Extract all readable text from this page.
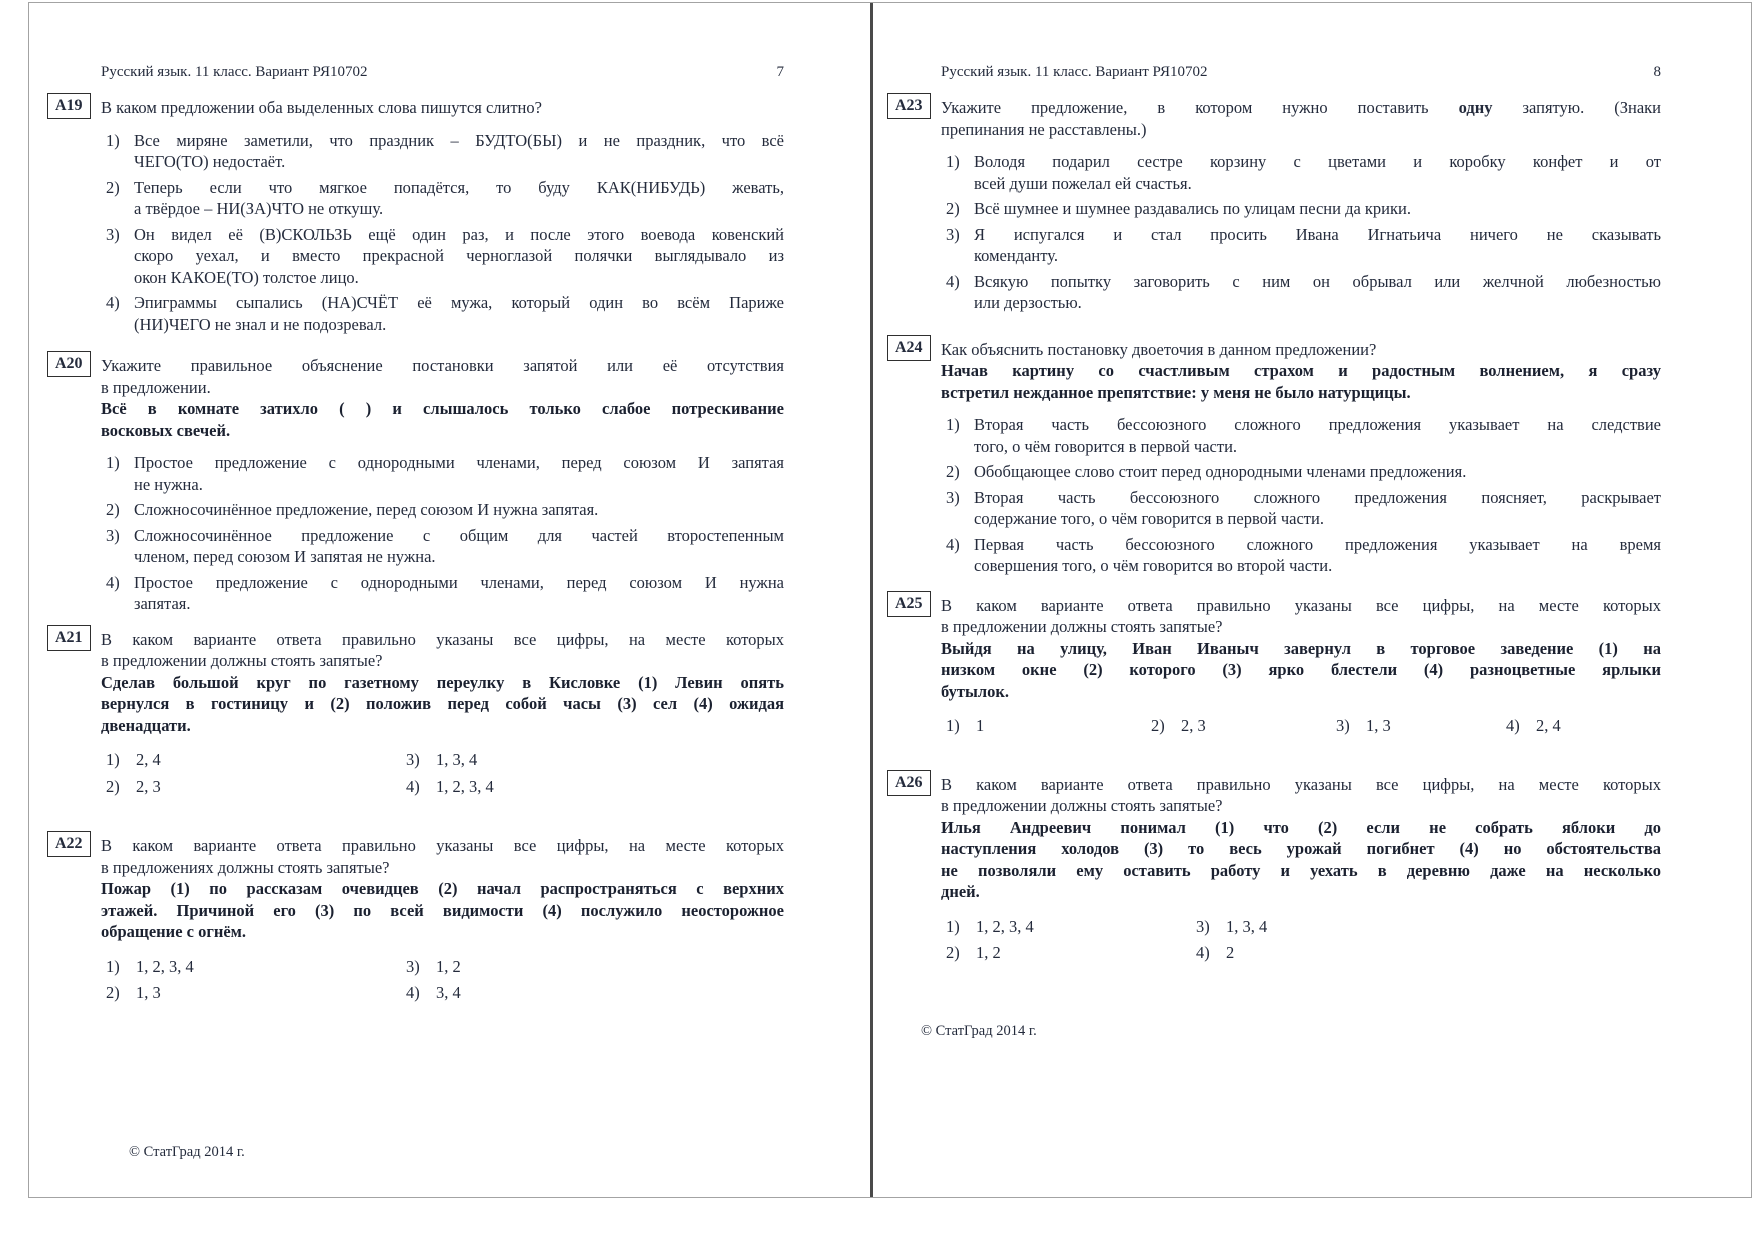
Русский язык. 11 класс. Вариант РЯ10702	7
А19	В каком предложении оба выделенных слова пишутся слитно?
1) Все миряне заметили, что праздник – БУДТО(БЫ) и не праздник, что всё
ЧЕГО(ТО) недостаёт.
2) Теперь если что мягкое попадётся, то буду КАК(НИБУДЬ) жевать,
а твёрдое – НИ(ЗА)ЧТО не откушу.
3) Он видел её (В)СКОЛЬЗЬ ещё один раз, и после этого воевода ковенский
скоро уехал, и вместо прекрасной черноглазой полячки выглядывало из
окон КАКОЕ(ТО) толстое лицо.
4) Эпиграммы сыпались (НА)СЧЁТ её мужа, который один во всём Париже
(НИ)ЧЕГО не знал и не подозревал.
А20	Укажите правильное объяснение постановки запятой или её отсутствия
в предложении.
Всё в комнате затихло ( ) и слышалось только слабое потрескивание
восковых свечей.
1) Простое предложение с однородными членами, перед союзом И запятая
не нужна.
2) Сложносочинённое предложение, перед союзом И нужна запятая.
3) Сложносочинённое предложение с общим для частей второстепенным
членом, перед союзом И запятая не нужна.
4) Простое предложение с однородными членами, перед союзом И нужна
запятая.
А21	В каком варианте ответа правильно указаны все цифры, на месте которых
в предложении должны стоять запятые?
Сделав большой круг по газетному переулку в Кисловке (1) Левин опять
вернулся в гостиницу и (2) положив перед собой часы (3) сел (4) ожидая
двенадцати.
1) 2, 4
2) 2, 3
3) 1, 3, 4
4) 1, 2, 3, 4
А22	В каком варианте ответа правильно указаны все цифры, на месте которых
в предложениях должны стоять запятые?
Пожар (1) по рассказам очевидцев (2) начал распространяться с верхних
этажей. Причиной его (3) по всей видимости (4) послужило неосторожное
обращение с огнём.
1) 1, 2, 3, 4
2) 1, 3
3) 1, 2
4) 3, 4
© СтатГрад 2014 г.
Русский язык. 11 класс. Вариант РЯ10702	8
А23	Укажите предложение, в котором нужно поставить одну запятую. (Знаки
препинания не расставлены.)
1) Володя подарил сестре корзину с цветами и коробку конфет и от
всей души пожелал ей счастья.
2) Всё шумнее и шумнее раздавались по улицам песни да крики.
3) Я испугался и стал просить Ивана Игнатьича ничего не сказывать
коменданту.
4) Всякую попытку заговорить с ним он обрывал или желчной любезностью
или дерзостью.
А24	Как объяснить постановку двоеточия в данном предложении?
Начав картину со счастливым страхом и радостным волнением, я сразу
встретил нежданное препятствие: у меня не было натурщицы.
1) Вторая часть бессоюзного сложного предложения указывает на следствие
того, о чём говорится в первой части.
2) Обобщающее слово стоит перед однородными членами предложения.
3) Вторая часть бессоюзного сложного предложения поясняет, раскрывает
содержание того, о чём говорится в первой части.
4) Первая часть бессоюзного сложного предложения указывает на время
совершения того, о чём говорится во второй части.
А25	В каком варианте ответа правильно указаны все цифры, на месте которых
в предложении должны стоять запятые?
Выйдя на улицу, Иван Иваныч завернул в торговое заведение (1) на
низком окне (2) которого (3) ярко блестели (4) разноцветные ярлыки
бутылок.
1) 1	2) 2, 3	3) 1, 3	4) 2, 4
А26	В каком варианте ответа правильно указаны все цифры, на месте которых
в предложении должны стоять запятые?
Илья Андреевич понимал (1) что (2) если не собрать яблоки до
наступления холодов (3) то весь урожай погибнет (4) но обстоятельства
не позволяли ему оставить работу и уехать в деревню даже на несколько
дней.
1) 1, 2, 3, 4
2) 1, 2
3) 1, 3, 4
4) 2
© СтатГрад 2014 г.
